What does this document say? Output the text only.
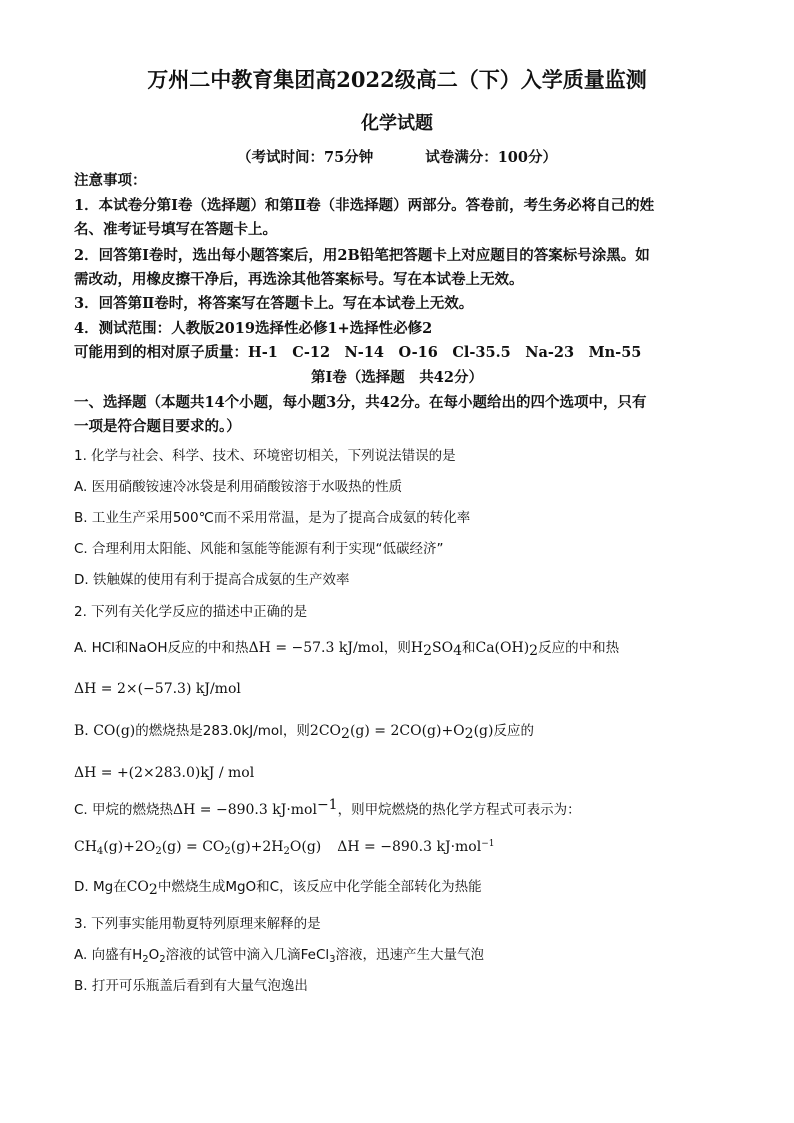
万州二中教育集团高2022级高二（下）入学质量监测
化学试题
（考试时间：75分钟	试卷满分：100分）
注意事项：
1．本试卷分第Ⅰ卷（选择题）和第Ⅱ卷（非选择题）两部分。答卷前，考生务必将自己的姓
名、准考证号填写在答题卡上。
2．回答第Ⅰ卷时，选出每小题答案后，用2B铅笔把答题卡上对应题目的答案标号涂黑。如
需改动，用橡皮擦干净后，再选涂其他答案标号。写在本试卷上无效。
3．回答第Ⅱ卷时，将答案写在答题卡上。写在本试卷上无效。
4．测试范围：人教版2019选择性必修1+选择性必修2
可能用到的相对原子质量：H-1　C-12　N-14　O-16　Cl-35.5　Na-23　Mn-55
第Ⅰ卷（选择题　共42分）
一、选择题（本题共14个小题，每小题3分，共42分。在每小题给出的四个选项中，只有
一项是符合题目要求的。）
1. 化学与社会、科学、技术、环境密切相关，下列说法错误的是
A. 医用硝酸铵速冷冰袋是利用硝酸铵溶于水吸热的性质
B. 工业生产采用500℃而不采用常温，是为了提高合成氨的转化率
C. 合理利用太阳能、风能和氢能等能源有利于实现“低碳经济”
D. 铁触媒的使用有利于提高合成氨的生产效率
2. 下列有关化学反应的描述中正确的是
A. HCl和NaOH反应的中和热ΔH = −57.3 kJ/mol，则$H_2SO_4$和$Ca(OH)_2$反应的中和热
ΔH = 2×(−57.3) kJ/mol
B. CO(g)的燃烧热是283.0kJ/mol，则$2CO_2(g) = 2CO(g)+O_2(g)$反应的
ΔH = +(2×283.0)kJ / mol
C. 甲烷的燃烧热ΔH = −890.3 kJ·mol$^{-1}$，则甲烷燃烧的热化学方程式可表示为：
$CH_4(g)+2O_2(g) = CO_2(g)+2H_2O(g) \Delta H = -890.3$ kJ·mol$^{-1}$
D. Mg在$CO_2$中燃烧生成MgO和C，该反应中化学能全部转化为热能
3. 下列事实能用勒夏特列原理来解释的是
A. 向盛有$H_2O_2$溶液的试管中滴入几滴FeCl$_3$溶液，迅速产生大量气泡
B. 打开可乐瓶盖后看到有大量气泡逸出
